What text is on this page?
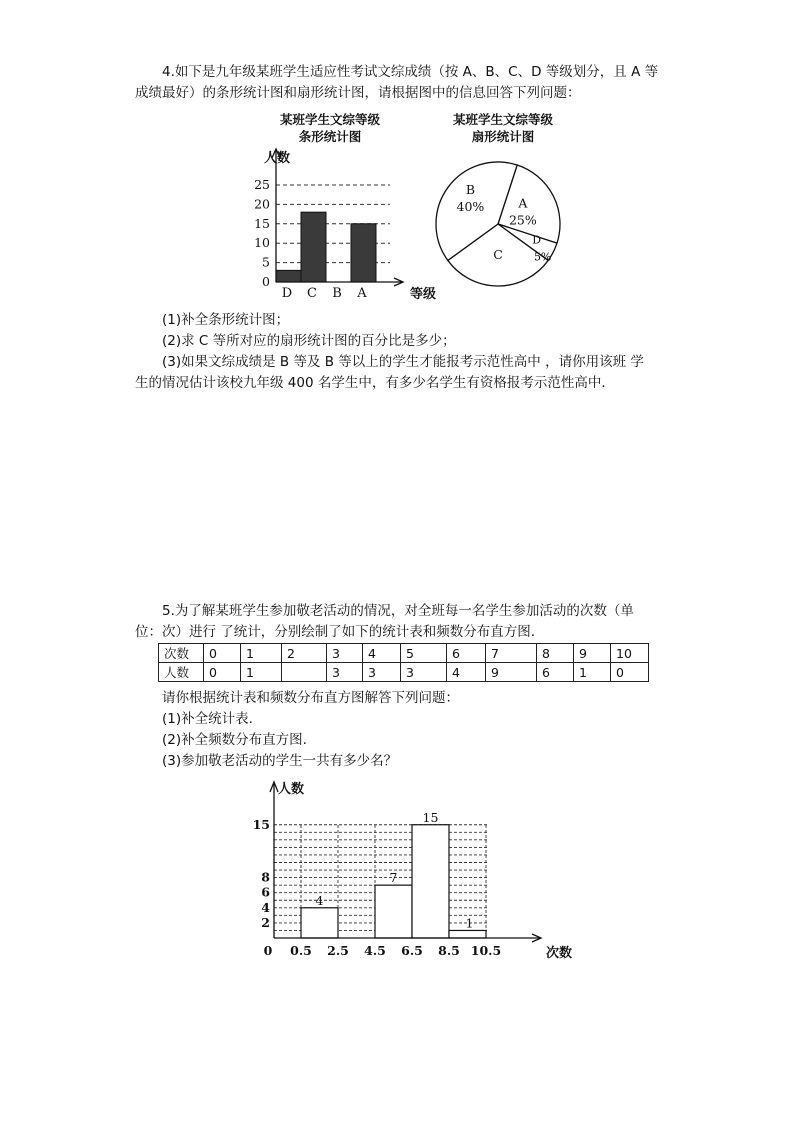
4.如下是九年级某班学生适应性考试文综成绩（按 A、B、C、D 等级划分，且 A 等
成绩最好）的条形统计图和扇形统计图，请根据图中的信息回答下列问题：
某班学生文综等级
条形统计图
人数
等级
0
5
10
15
20
25
D C B A
某班学生文综等级
扇形统计图
A
25%
D
5%
C
B
40%
(1)补全条形统计图；
(2)求 C 等所对应的扇形统计图的百分比是多少；
(3)如果文综成绩是 B 等及 B 等以上的学生才能报考示范性高中 ，请你用该班 学
生的情况估计该校九年级 400 名学生中，有多少名学生有资格报考示范性高中．
5.为了解某班学生参加敬老活动的情况，对全班每一名学生参加活动的次数（单
位：次）进行 了统计，分别绘制了如下的统计表和频数分布直方图.
次数	0	1	2	3	4	5	6	7	8	9	10
人数	0	1		3	3	3	4	9	6	1	0
请你根据统计表和频数分布直方图解答下列问题：
(1)补全统计表.
(2)补全频数分布直方图.
(3)参加敬老活动的学生一共有多少名？
人数
次数
0 0.5 2.5 4.5 6.5 8.5 10.5
2
4
6
8
15
4
7
15
1
